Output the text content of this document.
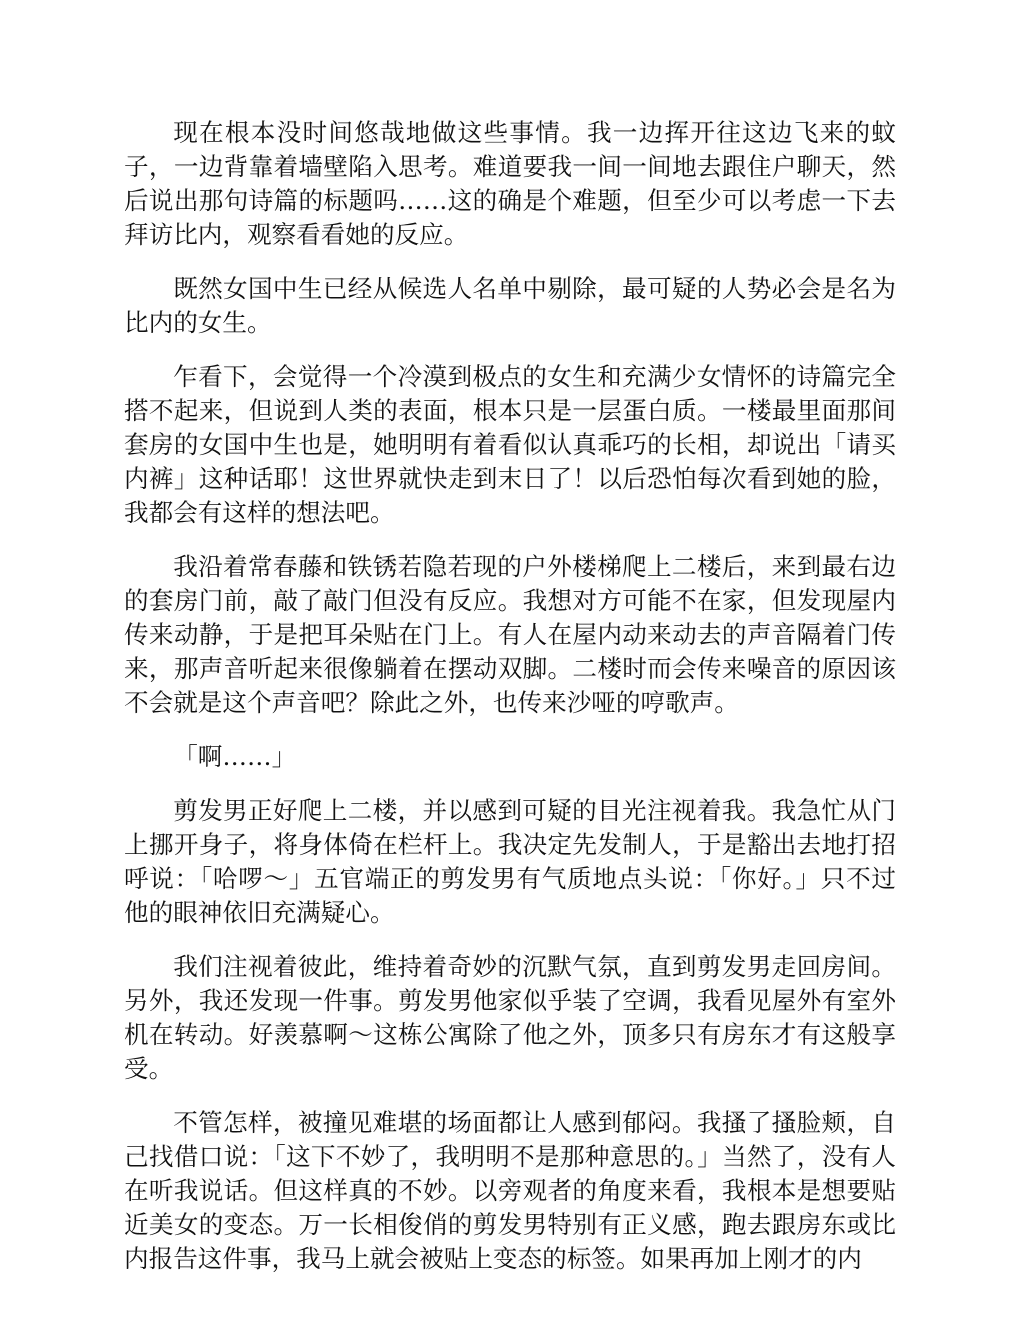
现在根本没时间悠哉地做这些事情。我一边挥开往这边飞来的蚊子，一边背靠着墙壁陷入思考。难道要我一间一间地去跟住户聊天，然后说出那句诗篇的标题吗……这的确是个难题，但至少可以考虑一下去拜访比内，观察看看她的反应。

既然女国中生已经从候选人名单中剔除，最可疑的人势必会是名为比内的女生。

乍看下，会觉得一个冷漠到极点的女生和充满少女情怀的诗篇完全搭不起来，但说到人类的表面，根本只是一层蛋白质。一楼最里面那间套房的女国中生也是，她明明有着看似认真乖巧的长相，却说出「请买内裤」这种话耶！这世界就快走到末日了！以后恐怕每次看到她的脸，我都会有这样的想法吧。

我沿着常春藤和铁锈若隐若现的户外楼梯爬上二楼后，来到最右边的套房门前，敲了敲门但没有反应。我想对方可能不在家，但发现屋内传来动静，于是把耳朵贴在门上。有人在屋内动来动去的声音隔着门传来，那声音听起来很像躺着在摆动双脚。二楼时而会传来噪音的原因该不会就是这个声音吧？除此之外，也传来沙哑的哼歌声。

「啊……」

剪发男正好爬上二楼，并以感到可疑的目光注视着我。我急忙从门上挪开身子，将身体倚在栏杆上。我决定先发制人，于是豁出去地打招呼说：「哈啰～」五官端正的剪发男有气质地点头说：「你好。」只不过他的眼神依旧充满疑心。

我们注视着彼此，维持着奇妙的沉默气氛，直到剪发男走回房间。另外，我还发现一件事。剪发男他家似乎装了空调，我看见屋外有室外机在转动。好羡慕啊～这栋公寓除了他之外，顶多只有房东才有这般享受。

不管怎样，被撞见难堪的场面都让人感到郁闷。我搔了搔脸颊，自己找借口说：「这下不妙了，我明明不是那种意思的。」当然了，没有人在听我说话。但这样真的不妙。以旁观者的角度来看，我根本是想要贴近美女的变态。万一长相俊俏的剪发男特别有正义感，跑去跟房东或比内报告这件事，我马上就会被贴上变态的标签。如果再加上刚才的内
